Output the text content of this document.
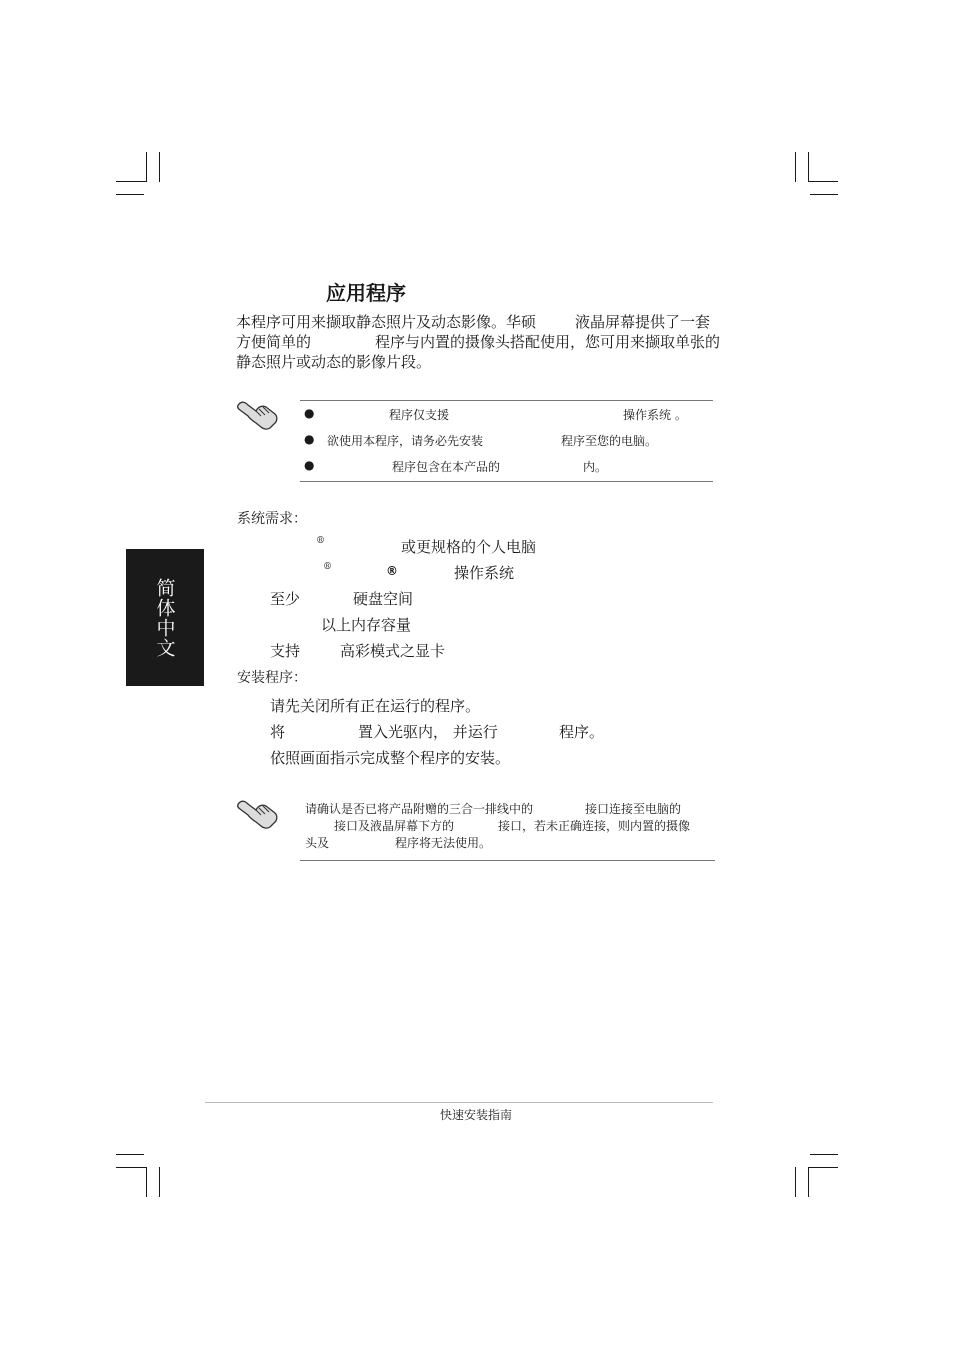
应用程序
本程序可用来撷取静态照片及动态影像。华硕	液晶屏幕提供了一套
方便简单的	程序与内置的摄像头搭配使用，您可用来撷取单张的
静态照片或动态的影像片段。
●	程序仅支援	操作系统 。
● 欲使用本程序，请务必先安装	程序至您的电脑。
●	程序包含在本产品的	内。
系统需求：
®	或更规格的个人电脑
®	®	操作系统
至少	硬盘空间
以上内存容量
支持	高彩模式之显卡
简体中文
安装程序：
请先关闭所有正在运行的程序。
将	置入光驱内， 并运行	程序。
依照画面指示完成整个程序的安装。
请确认是否已将产品附赠的三合一排线中的	接口连接至电脑的
接口及液晶屏幕下方的	接口，若未正确连接，则内置的摄像
头及	程序将无法使用。
快速安装指南
